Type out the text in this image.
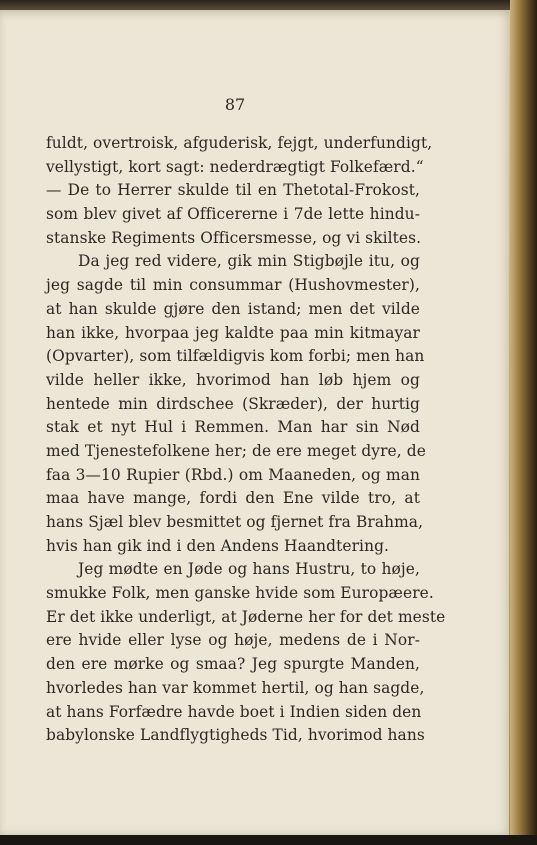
87
fuldt, overtroisk, afguderisk, fejgt, underfundigt,
vellystigt, kort sagt: nederdrægtigt Folkefærd.“
— De to Herrer skulde til en Thetotal-Frokost,
som blev givet af Officererne i 7de lette hindu-
stanske Regiments Officersmesse, og vi skiltes.
Da jeg red videre, gik min Stigbøjle itu, og
jeg sagde til min consummar (Hushovmester),
at han skulde gjøre den istand; men det vilde
han ikke, hvorpaa jeg kaldte paa min kitmayar
(Opvarter), som tilfældigvis kom forbi; men han
vilde heller ikke, hvorimod han løb hjem og
hentede min dirdschee (Skræder), der hurtig
stak et nyt Hul i Remmen. Man har sin Nød
med Tjenestefolkene her; de ere meget dyre, de
faa 3—10 Rupier (Rbd.) om Maaneden, og man
maa have mange, fordi den Ene vilde tro, at
hans Sjæl blev besmittet og fjernet fra Brahma,
hvis han gik ind i den Andens Haandtering.
Jeg mødte en Jøde og hans Hustru, to høje,
smukke Folk, men ganske hvide som Europæere.
Er det ikke underligt, at Jøderne her for det meste
ere hvide eller lyse og høje, medens de i Nor-
den ere mørke og smaa? Jeg spurgte Manden,
hvorledes han var kommet hertil, og han sagde,
at hans Forfædre havde boet i Indien siden den
babylonske Landflygtigheds Tid, hvorimod hans
